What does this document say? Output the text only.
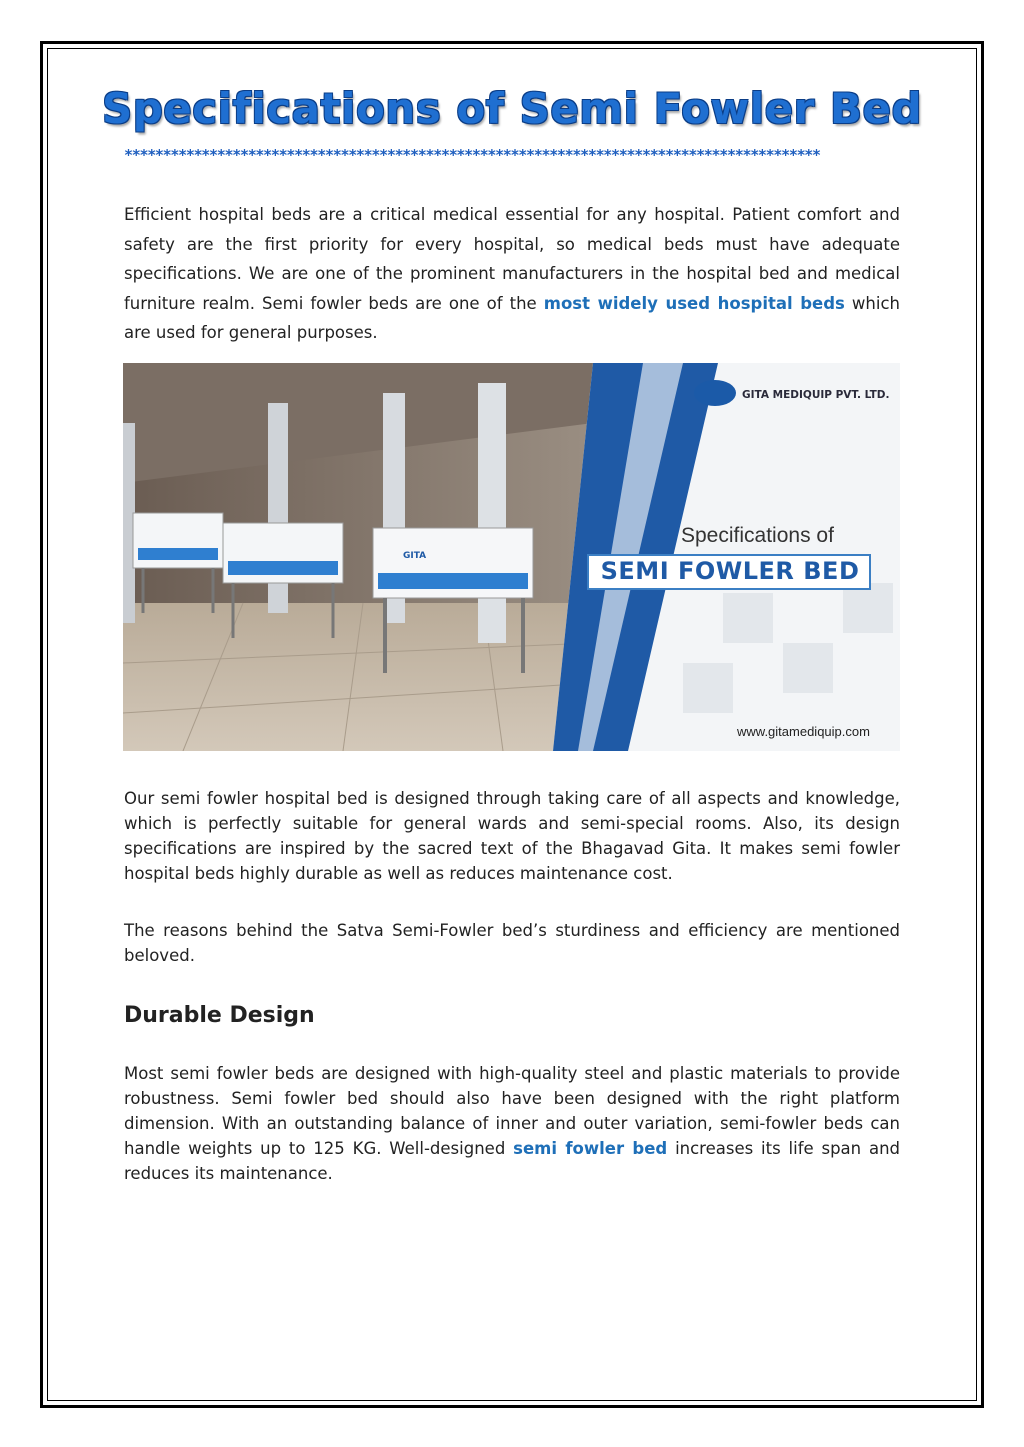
Specifications of Semi Fowler Bed
******************************************************************************************

Efficient hospital beds are a critical medical essential for any hospital. Patient comfort and safety are the first priority for every hospital, so medical beds must have adequate specifications. We are one of the prominent manufacturers in the hospital bed and medical furniture realm. Semi fowler beds are one of the most widely used hospital beds which are used for general purposes.

GITA
GITA MEDIQUIP PVT. LTD.
Specifications of
SEMI FOWLER BED
www.gitamediquip.com

Our semi fowler hospital bed is designed through taking care of all aspects and knowledge, which is perfectly suitable for general wards and semi-special rooms. Also, its design specifications are inspired by the sacred text of the Bhagavad Gita. It makes semi fowler hospital beds highly durable as well as reduces maintenance cost.

The reasons behind the Satva Semi-Fowler bed’s sturdiness and efficiency are mentioned beloved.

Durable Design

Most semi fowler beds are designed with high-quality steel and plastic materials to provide robustness. Semi fowler bed should also have been designed with the right platform dimension. With an outstanding balance of inner and outer variation, semi-fowler beds can handle weights up to 125 KG. Well-designed semi fowler bed increases its life span and reduces its maintenance.
